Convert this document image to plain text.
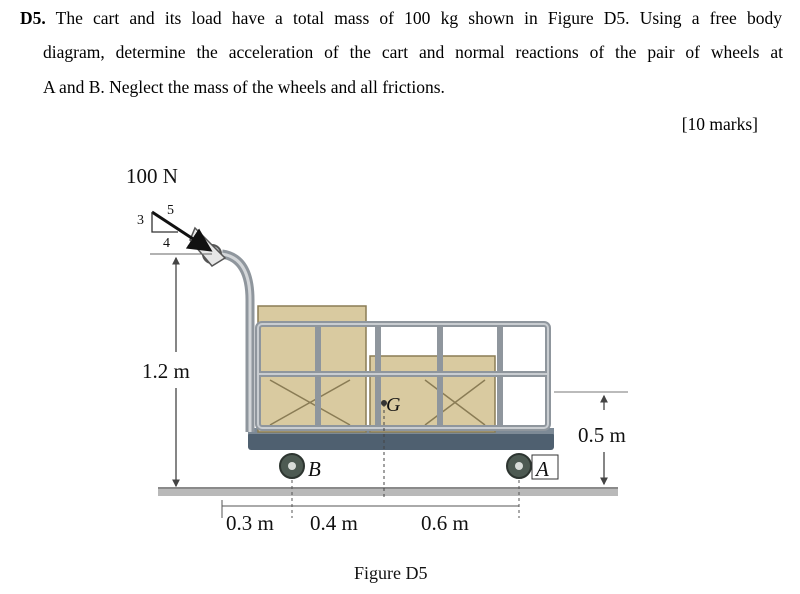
D5. The cart and its load have a total mass of 100 kg shown in Figure D5. Using a free body
diagram, determine the acceleration of the cart and normal reactions of the pair of wheels at
A and B. Neglect the mass of the wheels and all frictions.
[10 marks]
100 N
3
5
4
1.2 m
G
B	A
0.5 m
0.3 m 0.4 m	0.6 m
Figure D5
